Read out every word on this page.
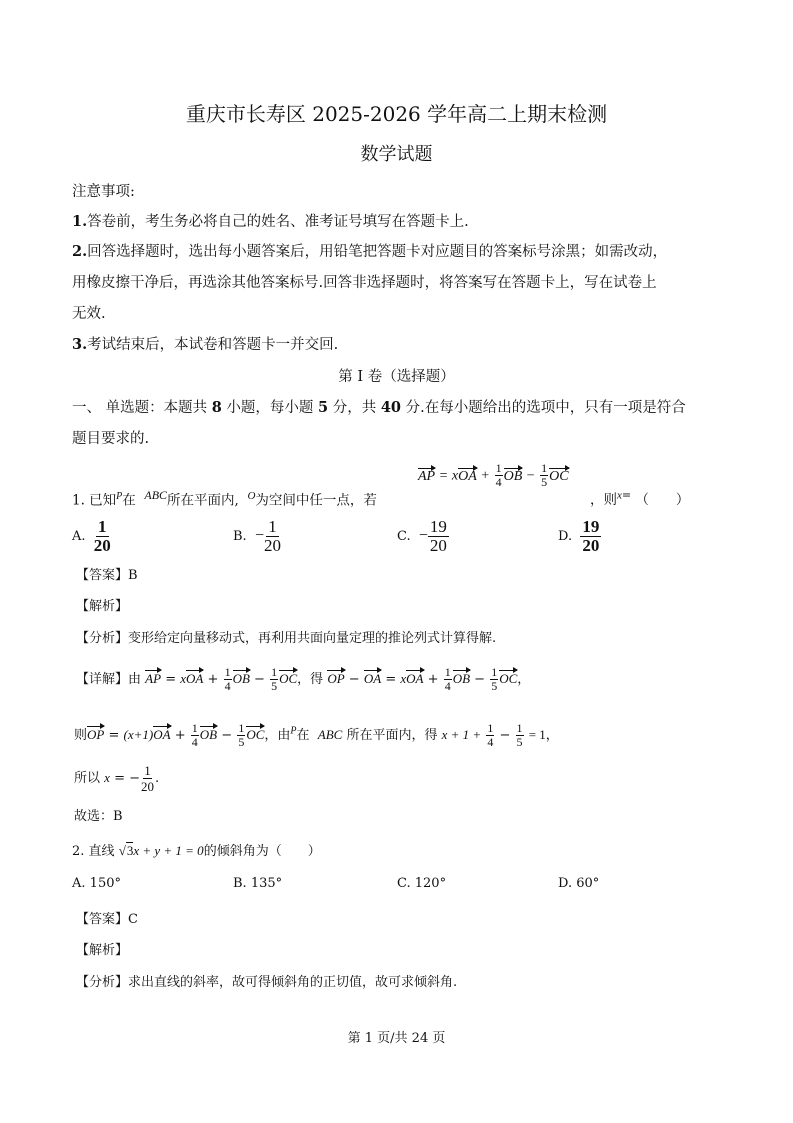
重庆市长寿区 2025-2026 学年高二上期末检测
数学试题
注意事项:
1.答卷前，考生务必将自己的姓名、准考证号填写在答题卡上.
2.回答选择题时，选出每小题答案后，用铅笔把答题卡对应题目的答案标号涂黑；如需改动，
用橡皮擦干净后，再选涂其他答案标号.回答非选择题时，将答案写在答题卡上，写在试卷上
无效.
3.考试结束后，本试卷和答题卡一并交回.
第 I 卷（选择题）
一、 单选题：本题共 8 小题，每小题 5 分，共 40 分.在每小题给出的选项中，只有一项是符合
题目要求的.
AP = xOA + $\frac{1}{4}$ OB − $\frac{1}{5}$ OC
1. 已知$^P$在 $^{ABC}$所在平面内, $^O$为空间中任一点，若	，则$^{x=}$ （　　）
A. $\frac{1}{20}$	B. − $\frac{1}{20}$	C. − $\frac{19}{20}$	D. $\frac{19}{20}$
【答案】B
【解析】
【分析】变形给定向量移动式，再利用共面向量定理的推论列式计算得解.
【详解】由 AP = xOA + $\frac{1}{4}$ OB − $\frac{1}{5}$ OC，得 OP − OA = xOA + $\frac{1}{4}$ OB − $\frac{1}{5}$ OC，
则OP = $(x+1)OA + \frac{1}{4}$ OB − $\frac{1}{5}$ OC，由$^P$在 ABC 所在平面内，得 $x + 1 + \frac{1}{4} - \frac{1}{5} = 1$，
所以 x = − $\frac{1}{20}$ .
故选：B
2. 直线 √3x + y + 1 = 0的倾斜角为（　　）
A. 150°	B. 135°	C. 120°	D. 60°
【答案】C
【解析】
【分析】求出直线的斜率，故可得倾斜角的正切值，故可求倾斜角.
第 1 页/共 24 页
